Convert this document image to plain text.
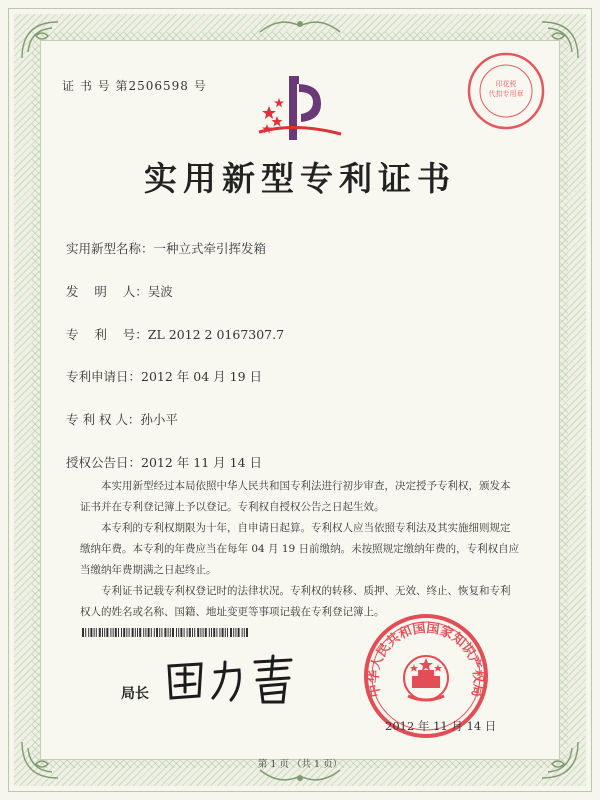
证 书 号 第2506598 号
实用新型专利证书
实用新型名称：一种立式牵引挥发箱
发    明    人：吴波
专    利    号：ZL 2012 2 0167307.7
专利申请日：2012 年 04 月 19 日
专 利 权 人：孙小平
授权公告日：2012 年 11 月 14 日

本实用新型经过本局依照中华人民共和国专利法进行初步审查，决定授予专利权，颁发本证书并在专利登记簿上予以登记。专利权自授权公告之日起生效。

本专利的专利权期限为十年，自申请日起算。专利权人应当依照专利法及其实施细则规定缴纳年费。本专利的年费应当在每年 04 月 19 日前缴纳。未按照规定缴纳年费的，专利权自应当缴纳年费期满之日起终止。

专利证书记载专利权登记时的法律状况。专利权的转移、质押、无效、终止、恢复和专利权人的姓名或名称、国籍、地址变更等事项记载在专利登记簿上。

局长	中华人民共和国国家知识产权局
2012 年 11 月 14 日
印花税
代扣专用章
第 1 页 （共 1 页）
